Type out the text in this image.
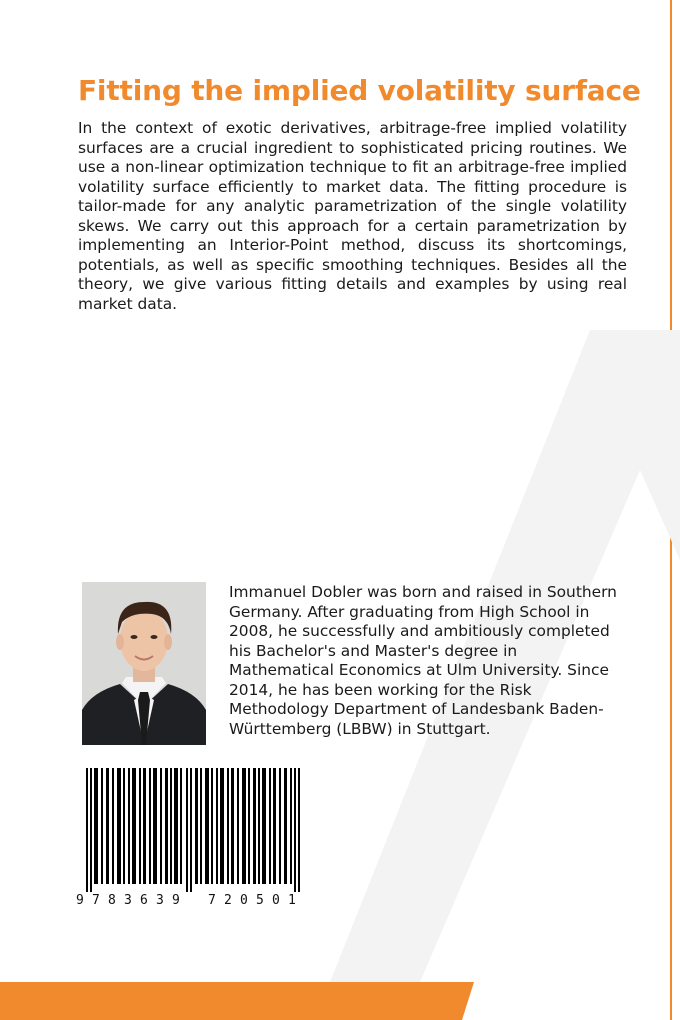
Fitting the implied volatility surface

In the context of exotic derivatives, arbitrage-free implied volatility surfaces are a crucial ingredient to sophisticated pricing routines. We use a non-linear optimization technique to fit an arbitrage-free implied volatility surface efficiently to market data. The fitting procedure is tailor-made for any analytic parametrization of the single volatility skews. We carry out this approach for a certain parametrization by implementing an Interior-Point method, discuss its shortcomings, potentials, as well as specific smoothing techniques. Besides all the theory, we give various fitting details and examples by using real market data.

Immanuel Dobler was born and raised in Southern Germany. After graduating from High School in 2008, he successfully and ambitiously completed his Bachelor's and Master's degree in Mathematical Economics at Ulm University. Since 2014, he has been working for the Risk Methodology Department of Landesbank Baden-Württemberg (LBBW) in Stuttgart.

9 7 8 3 6 3 9 7 2 0 5 0 1
